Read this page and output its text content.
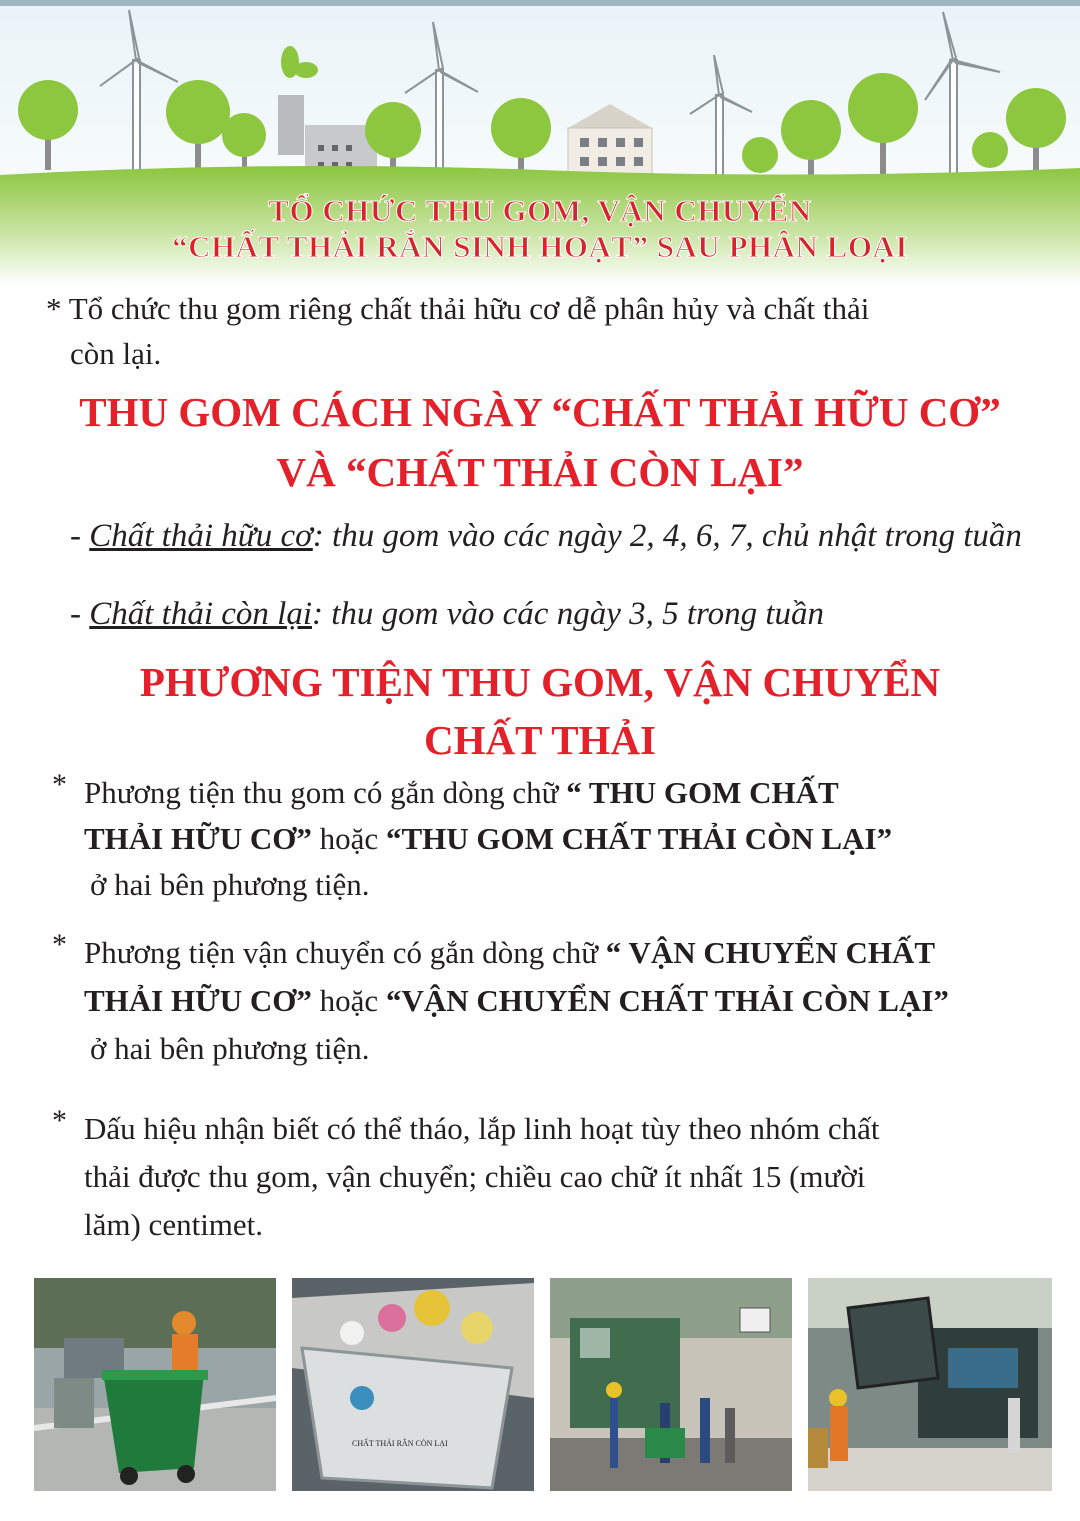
TỔ CHỨC THU GOM, VẬN CHUYỂN
“CHẤT THẢI RẮN SINH HOẠT” SAU PHÂN LOẠI
* Tổ chức thu gom riêng chất thải hữu cơ dễ phân hủy và chất thải
còn lại.
THU GOM CÁCH NGÀY “CHẤT THẢI HỮU CƠ”
VÀ “CHẤT THẢI CÒN LẠI”
- Chất thải hữu cơ: thu gom vào các ngày 2, 4, 6, 7, chủ nhật trong tuần
- Chất thải còn lại: thu gom vào các ngày 3, 5 trong tuần
PHƯƠNG TIỆN THU GOM, VẬN CHUYỂN
CHẤT THẢI
* Phương tiện thu gom có gắn dòng chữ “ THU GOM CHẤT
THẢI HỮU CƠ” hoặc “THU GOM CHẤT THẢI CÒN LẠI”
ở hai bên phương tiện.
* Phương tiện vận chuyển có gắn dòng chữ “ VẬN CHUYỂN CHẤT
THẢI HỮU CƠ” hoặc “VẬN CHUYỂN CHẤT THẢI CÒN LẠI”
ở hai bên phương tiện.
* Dấu hiệu nhận biết có thể tháo, lắp linh hoạt tùy theo nhóm chất
thải được thu gom, vận chuyển; chiều cao chữ ít nhất 15 (mười
lăm) centimet.
CHẤT THẢI RẮN CÒN LẠI
